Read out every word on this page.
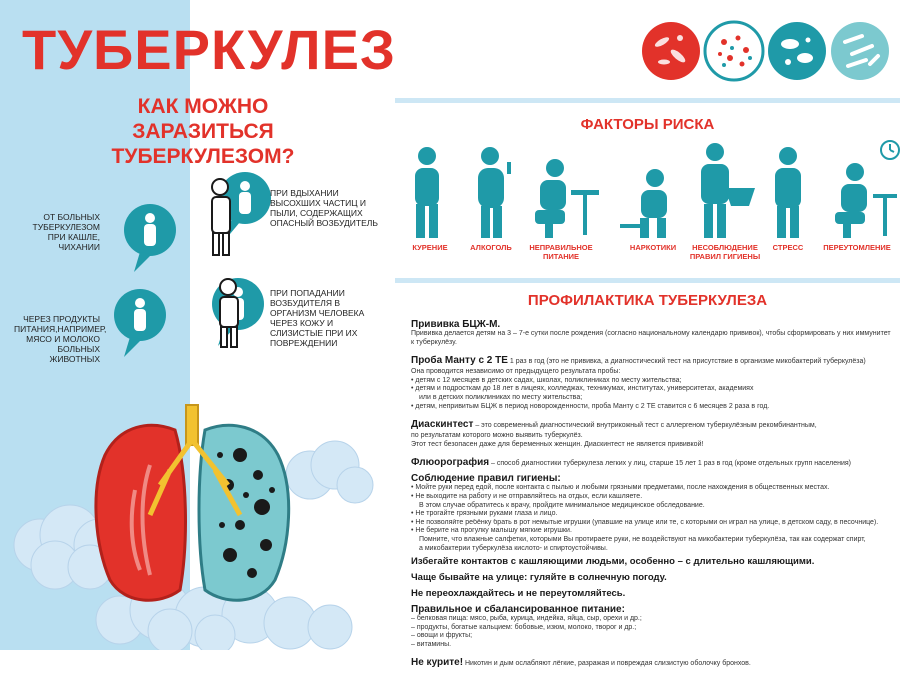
ТУБЕРКУЛЕЗ
КАК МОЖНО ЗАРАЗИТЬСЯ ТУБЕРКУЛЕЗОМ?
ПРИ ВДЫХАНИИ ВЫСОХШИХ ЧАСТИЦ И ПЫЛИ, СОДЕРЖАЩИХ ОПАСНЫЙ ВОЗБУДИТЕЛЬ
ОТ БОЛЬНЫХ ТУБЕРКУЛЕЗОМ ПРИ КАШЛЕ, ЧИХАНИИ
ПРИ ПОПАДАНИИ ВОЗБУДИТЕЛЯ В ОРГАНИЗМ ЧЕЛОВЕКА ЧЕРЕЗ КОЖУ И СЛИЗИСТЫЕ ПРИ ИХ ПОВРЕЖДЕНИИ
ЧЕРЕЗ ПРОДУКТЫ ПИТАНИЯ,НАПРИМЕР, МЯСО И МОЛОКО БОЛЬНЫХ ЖИВОТНЫХ
ФАКТОРЫ РИСКА
КУРЕНИЕ	АЛКОГОЛЬ	НЕПРАВИЛЬНОЕ
ПИТАНИЕ
НАРКОТИКИ	НЕСОБЛЮДЕНИЕ
ПРАВИЛ ГИГИЕНЫ
СТРЕСС	ПЕРЕУТОМЛЕНИЕ
ПРОФИЛАКТИКА ТУБЕРКУЛЕЗА
Прививка БЦЖ-М.
Прививка делается детям на 3 – 7-е сутки после рождения (согласно национальному календарю прививок), чтобы сформировать у них иммунитет к туберкулёзу.
Проба Манту с 2 ТЕ 1 раз в год (это не прививка, а диагностический тест на присутствие в организме микобактерий туберкулёза)
Она проводится независимо от предыдущего результата пробы:
• детям с 12 месяцев в детских садах, школах, поликлиниках по месту жительства;
• детям и подросткам до 18 лет в лицеях, колледжах, техникумах, институтах, университетах, академиях
или в детских поликлиниках по месту жительства;
• детям, непривитым БЦЖ в период новорожденности, проба Манту с 2 ТЕ ставится с 6 месяцев 2 раза в год.
Диаскинтест – это современный диагностический внутрикожный тест с аллергеном туберкулёзным рекомбинантным,
по результатам которого можно выявить туберкулёз.
Этот тест безопасен даже для беременных женщин. Диаскинтест не является прививкой!
Флюорография – способ диагностики туберкулеза легких у лиц, старше 15 лет 1 раз в год (кроме отдельных групп населения)
Соблюдение правил гигиены:
• Мойте руки перед едой, после контакта с пылью и любыми грязными предметами, после нахождения в общественных местах.
• Не выходите на работу и не отправляйтесь на отдых, если кашляете.
В этом случае обратитесь к врачу, пройдите минимальное медицинское обследование.
• Не трогайте грязными руками глаза и лицо.
• Не позволяйте ребёнку брать в рот немытые игрушки (упавшие на улице или те, с которыми он играл на улице, в детском саду, в песочнице).
• Не берите на прогулку малышу мягкие игрушки.
Помните, что влажные салфетки, которыми Вы протираете руки, не воздействуют на микобактерии туберкулёза, так как содержат спирт,
а микобактерии туберкулёза кислото- и спиртоустойчивы.
Избегайте контактов с кашляющими людьми, особенно – с длительно кашляющими.
Чаще бывайте на улице: гуляйте в солнечную погоду.
Не переохлаждайтесь и не переутомляйтесь.
Правильное и сбалансированное питание:
– белковая пища: мясо, рыба, курица, индейка, яйца, сыр, орехи и др.;
– продукты, богатые кальцием: бобовые, изюм, молоко, творог и др.;
– овощи и фрукты;
– витамины.
Не курите! Никотин и дым ослабляют лёгкие, разражая и повреждая слизистую оболочку бронхов.
